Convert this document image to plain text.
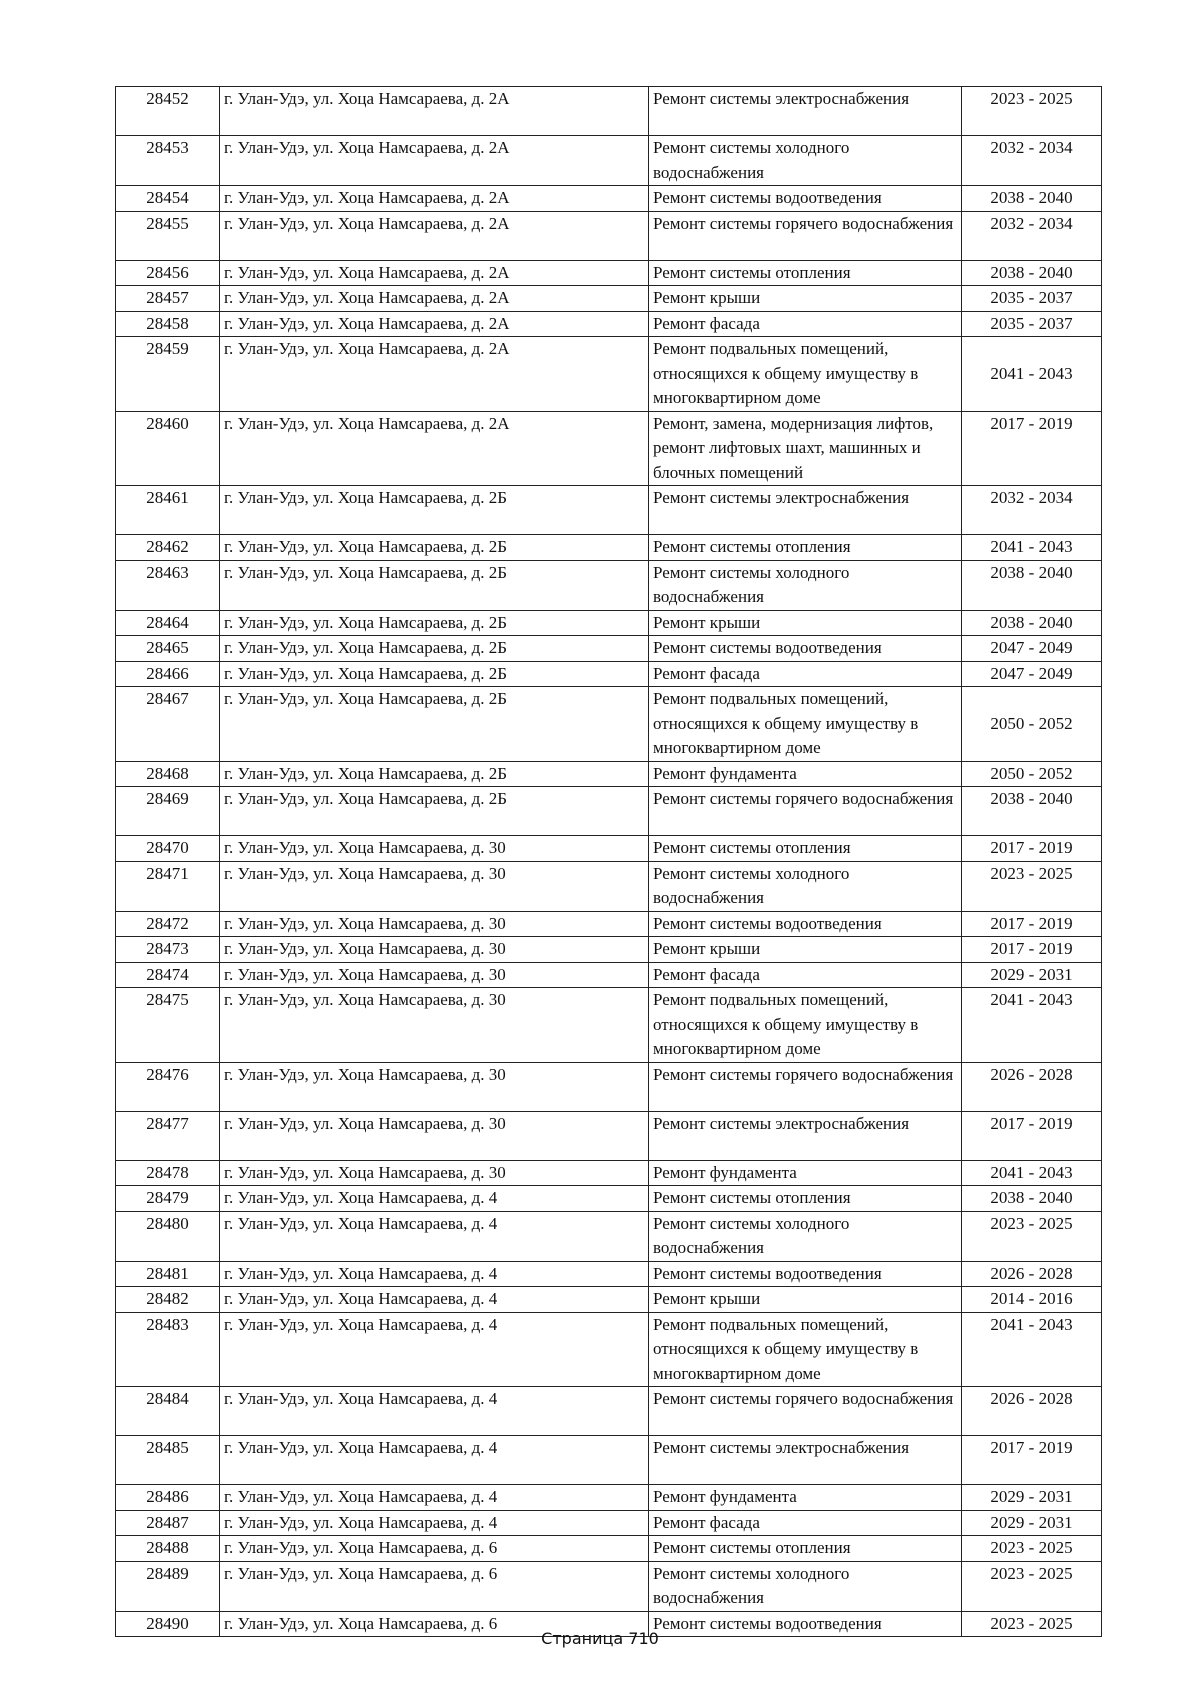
28452	г. Улан-Удэ, ул. Хоца Намсараева, д. 2А	Ремонт системы электроснабжения	2023 - 2025
28453	г. Улан-Удэ, ул. Хоца Намсараева, д. 2А	Ремонт системы холодного водоснабжения	2032 - 2034
28454	г. Улан-Удэ, ул. Хоца Намсараева, д. 2А	Ремонт системы водоотведения	2038 - 2040
28455	г. Улан-Удэ, ул. Хоца Намсараева, д. 2А	Ремонт системы горячего водоснабжения	2032 - 2034
28456	г. Улан-Удэ, ул. Хоца Намсараева, д. 2А	Ремонт системы отопления	2038 - 2040
28457	г. Улан-Удэ, ул. Хоца Намсараева, д. 2А	Ремонт крыши	2035 - 2037
28458	г. Улан-Удэ, ул. Хоца Намсараева, д. 2А	Ремонт фасада	2035 - 2037
28459	г. Улан-Удэ, ул. Хоца Намсараева, д. 2А	Ремонт подвальных помещений, относящихся к общему имуществу в многоквартирном доме	2041 - 2043
28460	г. Улан-Удэ, ул. Хоца Намсараева, д. 2А	Ремонт, замена, модернизация лифтов, ремонт лифтовых шахт, машинных и блочных помещений	2017 - 2019
28461	г. Улан-Удэ, ул. Хоца Намсараева, д. 2Б	Ремонт системы электроснабжения	2032 - 2034
28462	г. Улан-Удэ, ул. Хоца Намсараева, д. 2Б	Ремонт системы отопления	2041 - 2043
28463	г. Улан-Удэ, ул. Хоца Намсараева, д. 2Б	Ремонт системы холодного водоснабжения	2038 - 2040
28464	г. Улан-Удэ, ул. Хоца Намсараева, д. 2Б	Ремонт крыши	2038 - 2040
28465	г. Улан-Удэ, ул. Хоца Намсараева, д. 2Б	Ремонт системы водоотведения	2047 - 2049
28466	г. Улан-Удэ, ул. Хоца Намсараева, д. 2Б	Ремонт фасада	2047 - 2049
28467	г. Улан-Удэ, ул. Хоца Намсараева, д. 2Б	Ремонт подвальных помещений, относящихся к общему имуществу в многоквартирном доме	2050 - 2052
28468	г. Улан-Удэ, ул. Хоца Намсараева, д. 2Б	Ремонт фундамента	2050 - 2052
28469	г. Улан-Удэ, ул. Хоца Намсараева, д. 2Б	Ремонт системы горячего водоснабжения	2038 - 2040
28470	г. Улан-Удэ, ул. Хоца Намсараева, д. 30	Ремонт системы отопления	2017 - 2019
28471	г. Улан-Удэ, ул. Хоца Намсараева, д. 30	Ремонт системы холодного водоснабжения	2023 - 2025
28472	г. Улан-Удэ, ул. Хоца Намсараева, д. 30	Ремонт системы водоотведения	2017 - 2019
28473	г. Улан-Удэ, ул. Хоца Намсараева, д. 30	Ремонт крыши	2017 - 2019
28474	г. Улан-Удэ, ул. Хоца Намсараева, д. 30	Ремонт фасада	2029 - 2031
28475	г. Улан-Удэ, ул. Хоца Намсараева, д. 30	Ремонт подвальных помещений, относящихся к общему имуществу в многоквартирном доме	2041 - 2043
28476	г. Улан-Удэ, ул. Хоца Намсараева, д. 30	Ремонт системы горячего водоснабжения	2026 - 2028
28477	г. Улан-Удэ, ул. Хоца Намсараева, д. 30	Ремонт системы электроснабжения	2017 - 2019
28478	г. Улан-Удэ, ул. Хоца Намсараева, д. 30	Ремонт фундамента	2041 - 2043
28479	г. Улан-Удэ, ул. Хоца Намсараева, д. 4	Ремонт системы отопления	2038 - 2040
28480	г. Улан-Удэ, ул. Хоца Намсараева, д. 4	Ремонт системы холодного водоснабжения	2023 - 2025
28481	г. Улан-Удэ, ул. Хоца Намсараева, д. 4	Ремонт системы водоотведения	2026 - 2028
28482	г. Улан-Удэ, ул. Хоца Намсараева, д. 4	Ремонт крыши	2014 - 2016
28483	г. Улан-Удэ, ул. Хоца Намсараева, д. 4	Ремонт подвальных помещений, относящихся к общему имуществу в многоквартирном доме	2041 - 2043
28484	г. Улан-Удэ, ул. Хоца Намсараева, д. 4	Ремонт системы горячего водоснабжения	2026 - 2028
28485	г. Улан-Удэ, ул. Хоца Намсараева, д. 4	Ремонт системы электроснабжения	2017 - 2019
28486	г. Улан-Удэ, ул. Хоца Намсараева, д. 4	Ремонт фундамента	2029 - 2031
28487	г. Улан-Удэ, ул. Хоца Намсараева, д. 4	Ремонт фасада	2029 - 2031
28488	г. Улан-Удэ, ул. Хоца Намсараева, д. 6	Ремонт системы отопления	2023 - 2025
28489	г. Улан-Удэ, ул. Хоца Намсараева, д. 6	Ремонт системы холодного водоснабжения	2023 - 2025
28490	г. Улан-Удэ, ул. Хоца Намсараева, д. 6	Ремонт системы водоотведения	2023 - 2025
Страница 710
